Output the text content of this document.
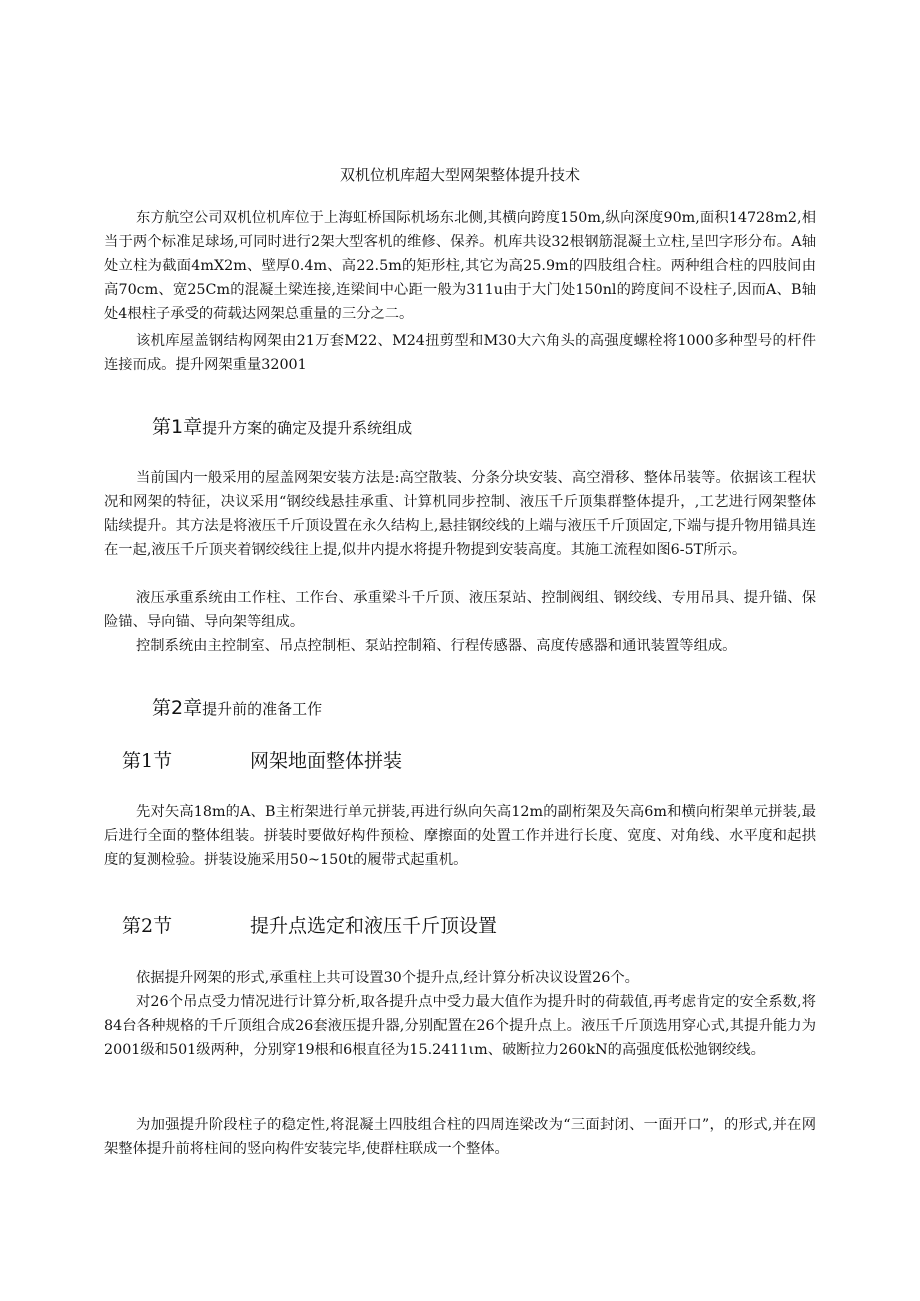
双机位机库超大型网架整体提升技术

东方航空公司双机位机库位于上海虹桥国际机场东北侧,其横向跨度150m,纵向深度90m,面积14728m2,相当于两个标准足球场,可同时进行2架大型客机的维修、保养。机库共设32根钢筋混凝土立柱,呈凹字形分布。A轴处立柱为截面4mX2m、壁厚0.4m、高22.5m的矩形柱,其它为高25.9m的四肢组合柱。两种组合柱的四肢间由高70cm、宽25Cm的混凝土梁连接,连梁间中心距一般为311u由于大门处150nl的跨度间不设柱子,因而A、B轴处4根柱子承受的荷载达网架总重量的三分之二。

该机库屋盖钢结构网架由21万套M22、M24扭剪型和M30大六角头的高强度螺栓将1000多种型号的杆件连接而成。提升网架重量32001

第1章提升方案的确定及提升系统组成

当前国内一般采用的屋盖网架安装方法是:高空散装、分条分块安装、高空滑移、整体吊装等。依据该工程状况和网架的特征，决议采用“钢绞线悬挂承重、计算机同步控制、液压千斤顶集群整体提升，,工艺进行网架整体陆续提升。其方法是将液压千斤顶设置在永久结构上,悬挂钢绞线的上端与液压千斤顶固定,下端与提升物用锚具连在一起,液压千斤顶夹着钢绞线往上提,似井内提水将提升物提到安装高度。其施工流程如图6-5T所示。

液压承重系统由工作柱、工作台、承重梁斗千斤顶、液压泵站、控制阀组、钢绞线、专用吊具、提升锚、保险锚、导向锚、导向架等组成。

控制系统由主控制室、吊点控制柜、泵站控制箱、行程传感器、高度传感器和通讯装置等组成。

第2章提升前的准备工作
第1节	网架地面整体拼装

先对矢高18m的A、B主桁架进行单元拼装,再进行纵向矢高12m的副桁架及矢高6m和横向桁架单元拼装,最后进行全面的整体组装。拼装时要做好构件预检、摩擦面的处置工作并进行长度、宽度、对角线、水平度和起拱度的复测检验。拼装设施采用50~150t的履带式起重机。

第2节	提升点选定和液压千斤顶设置

依据提升网架的形式,承重柱上共可设置30个提升点,经计算分析决议设置26个。

对26个吊点受力情况进行计算分析,取各提升点中受力最大值作为提升时的荷载值,再考虑肯定的安全系数,将84台各种规格的千斤顶组合成26套液压提升器,分别配置在26个提升点上。液压千斤顶选用穿心式,其提升能力为2001级和501级两种，分别穿19根和6根直径为15.2411ιm、破断拉力260kN的高强度低松弛钢绞线。

为加强提升阶段柱子的稳定性,将混凝土四肢组合柱的四周连梁改为“三面封闭、一面开口”，的形式,并在网架整体提升前将柱间的竖向构件安装完毕,使群柱联成一个整体。
